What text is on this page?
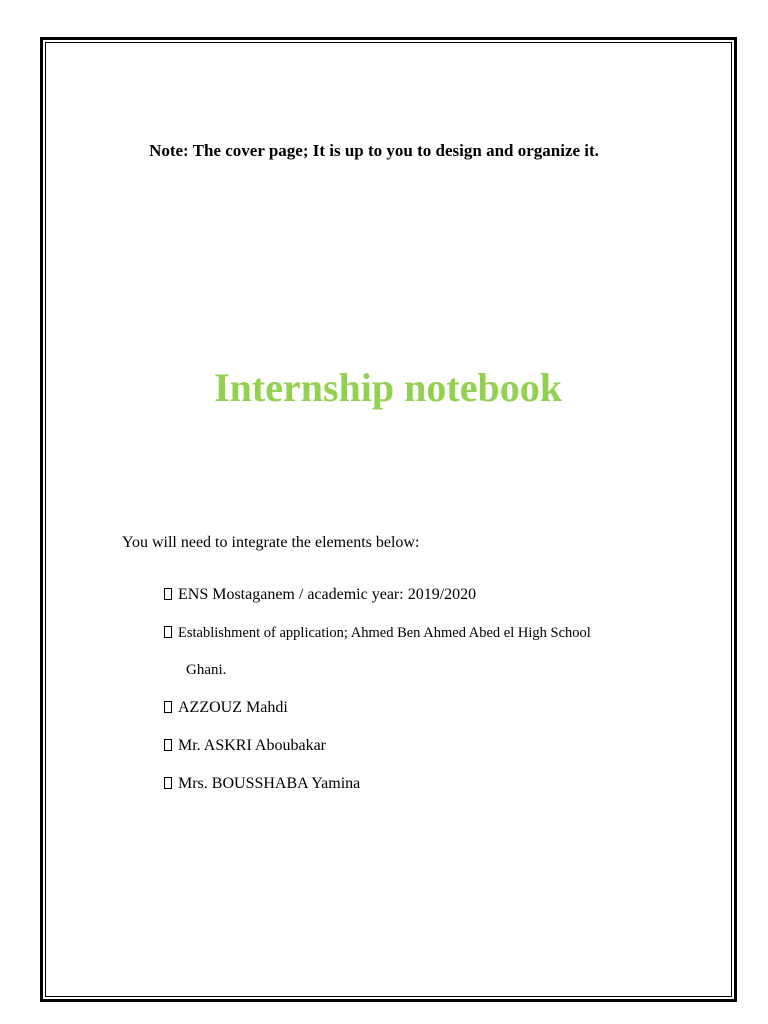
Note: The cover page; It is up to you to design and organize it.
Internship notebook
You will need to integrate the elements below:
ENS Mostaganem / academic year: 2019/2020
Establishment of application; Ahmed Ben Ahmed Abed el High School
Ghani.
AZZOUZ Mahdi
Mr. ASKRI Aboubakar
Mrs. BOUSSHABA Yamina
